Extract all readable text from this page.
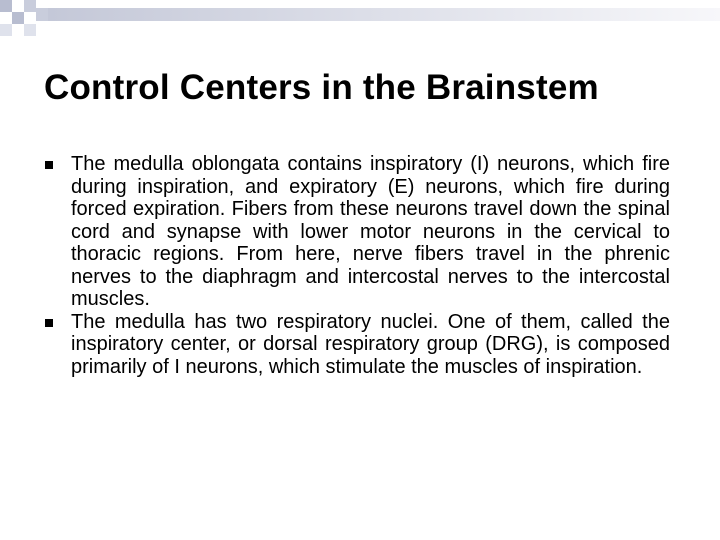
Control Centers in the Brainstem
The medulla oblongata contains inspiratory (I) neurons, which fire during inspiration, and expiratory (E) neurons, which fire during forced expiration. Fibers from these neurons travel down the spinal cord and synapse with lower motor neurons in the cervical to thoracic regions. From here, nerve fibers travel in the phrenic nerves to the diaphragm and intercostal nerves to the intercostal muscles.
The medulla has two respiratory nuclei. One of them, called the inspiratory center, or dorsal respiratory group (DRG), is composed primarily of I neurons, which stimulate the muscles of inspiration.
